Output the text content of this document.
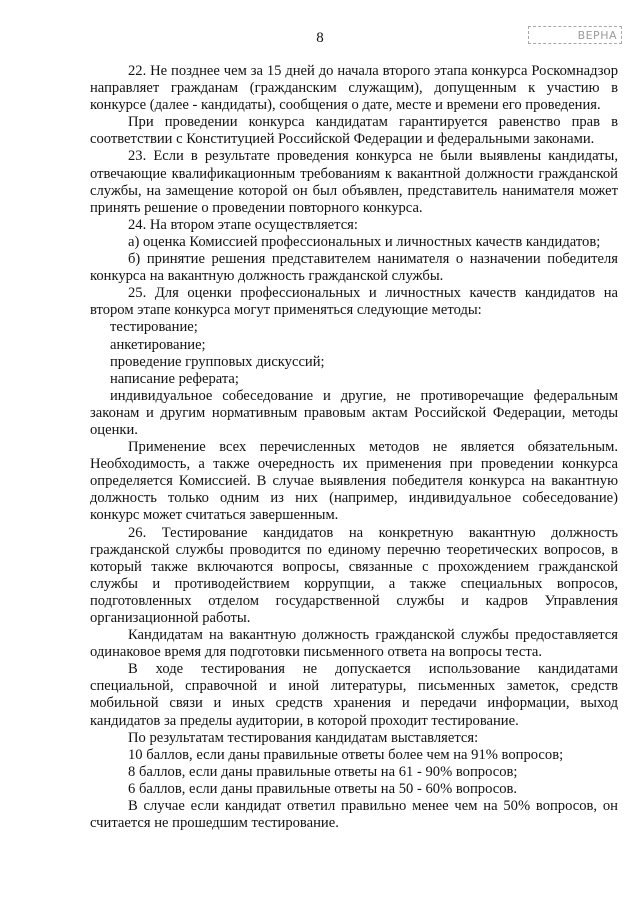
8	ВЕРНА

22. Не позднее чем за 15 дней до начала второго этапа конкурса Роскомнадзор направляет гражданам (гражданским служащим), допущенным к участию в конкурсе (далее - кандидаты), сообщения о дате, месте и времени его проведения.

При проведении конкурса кандидатам гарантируется равенство прав в соответствии с Конституцией Российской Федерации и федеральными законами.

23. Если в результате проведения конкурса не были выявлены кандидаты, отвечающие квалификационным требованиям к вакантной должности гражданской службы, на замещение которой он был объявлен, представитель нанимателя может принять решение о проведении повторного конкурса.

24. На втором этапе осуществляется:

а) оценка Комиссией профессиональных и личностных качеств кандидатов;

б) принятие решения представителем нанимателя о назначении победителя конкурса на вакантную должность гражданской службы.

25. Для оценки профессиональных и личностных качеств кандидатов на втором этапе конкурса могут применяться следующие методы:

тестирование;

анкетирование;

проведение групповых дискуссий;

написание реферата;

индивидуальное собеседование и другие, не противоречащие федеральным законам и другим нормативным правовым актам Российской Федерации, методы оценки.

Применение всех перечисленных методов не является обязательным. Необходимость, а также очередность их применения при проведении конкурса определяется Комиссией. В случае выявления победителя конкурса на вакантную должность только одним из них (например, индивидуальное собеседование) конкурс может считаться завершенным.

26. Тестирование кандидатов на конкретную вакантную должность гражданской службы проводится по единому перечню теоретических вопросов, в который также включаются вопросы, связанные с прохождением гражданской службы и противодействием коррупции, а также специальных вопросов, подготовленных отделом государственной службы и кадров Управления организационной работы.

Кандидатам на вакантную должность гражданской службы предоставляется одинаковое время для подготовки письменного ответа на вопросы теста.

В ходе тестирования не допускается использование кандидатами специальной, справочной и иной литературы, письменных заметок, средств мобильной связи и иных средств хранения и передачи информации, выход кандидатов за пределы аудитории, в которой проходит тестирование.

По результатам тестирования кандидатам выставляется:

10 баллов, если даны правильные ответы более чем на 91% вопросов;

8 баллов, если даны правильные ответы на 61 - 90% вопросов;

6 баллов, если даны правильные ответы на 50 - 60% вопросов.

В случае если кандидат ответил правильно менее чем на 50% вопросов, он считается не прошедшим тестирование.
